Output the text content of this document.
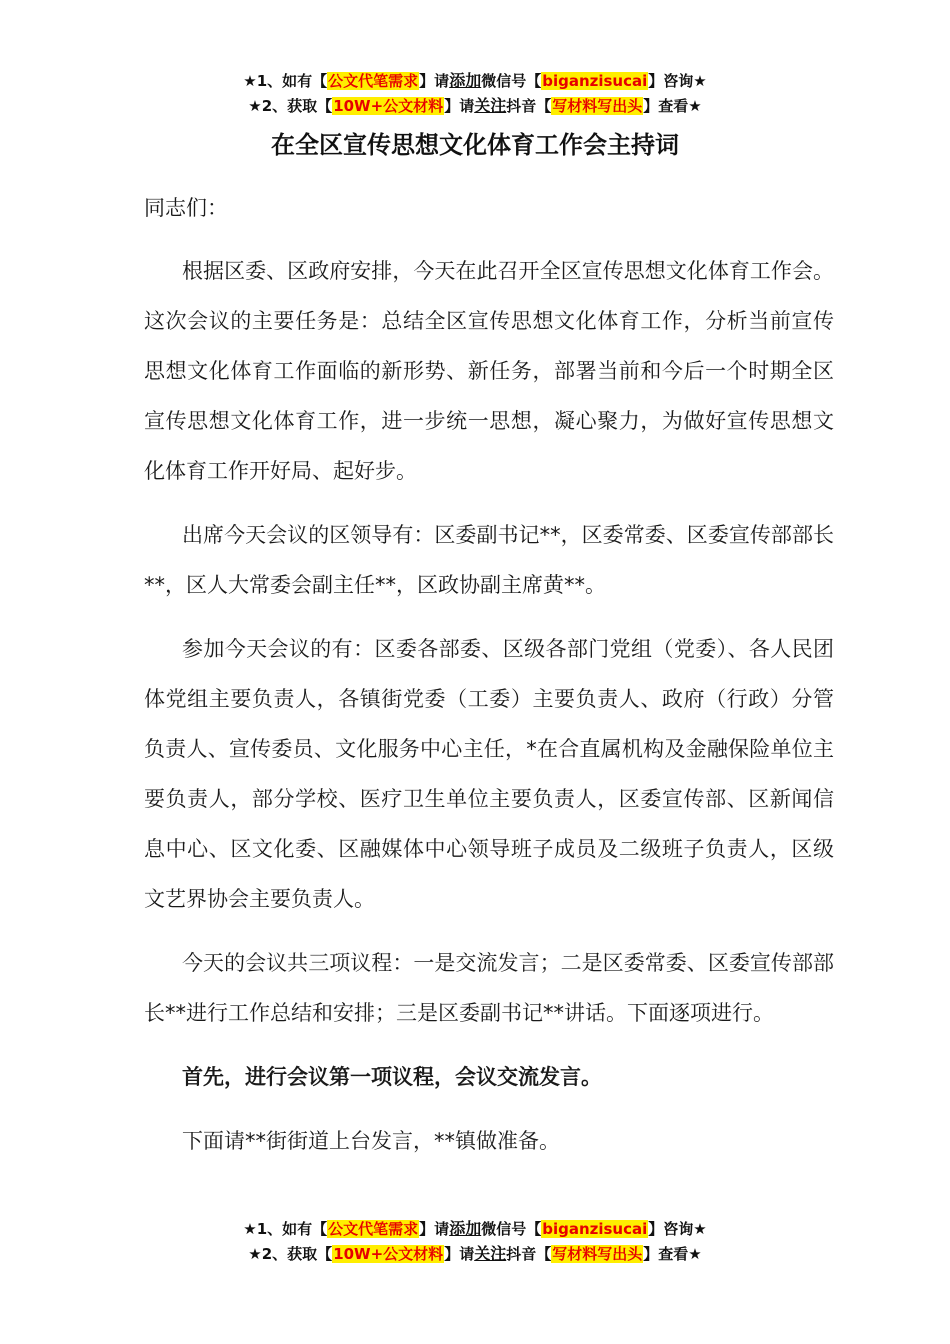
★1、如有【公文代笔需求】请添加微信号【biganzisucai】咨询★
★2、获取【10W+公文材料】请关注抖音【写材料写出头】查看★
在全区宣传思想文化体育工作会主持词

同志们：

根据区委、区政府安排，今天在此召开全区宣传思想文化体育工作会。这次会议的主要任务是：总结全区宣传思想文化体育工作，分析当前宣传思想文化体育工作面临的新形势、新任务，部署当前和今后一个时期全区宣传思想文化体育工作，进一步统一思想，凝心聚力，为做好宣传思想文化体育工作开好局、起好步。

出席今天会议的区领导有：区委副书记**，区委常委、区委宣传部部长**，区人大常委会副主任**，区政协副主席黄**。

参加今天会议的有：区委各部委、区级各部门党组（党委）、各人民团体党组主要负责人，各镇街党委（工委）主要负责人、政府（行政）分管负责人、宣传委员、文化服务中心主任，*在合直属机构及金融保险单位主要负责人，部分学校、医疗卫生单位主要负责人，区委宣传部、区新闻信息中心、区文化委、区融媒体中心领导班子成员及二级班子负责人，区级文艺界协会主要负责人。

今天的会议共三项议程：一是交流发言；二是区委常委、区委宣传部部长**进行工作总结和安排；三是区委副书记**讲话。下面逐项进行。

首先，进行会议第一项议程，会议交流发言。

下面请**街街道上台发言，**镇做准备。

★1、如有【公文代笔需求】请添加微信号【biganzisucai】咨询★
★2、获取【10W+公文材料】请关注抖音【写材料写出头】查看★
